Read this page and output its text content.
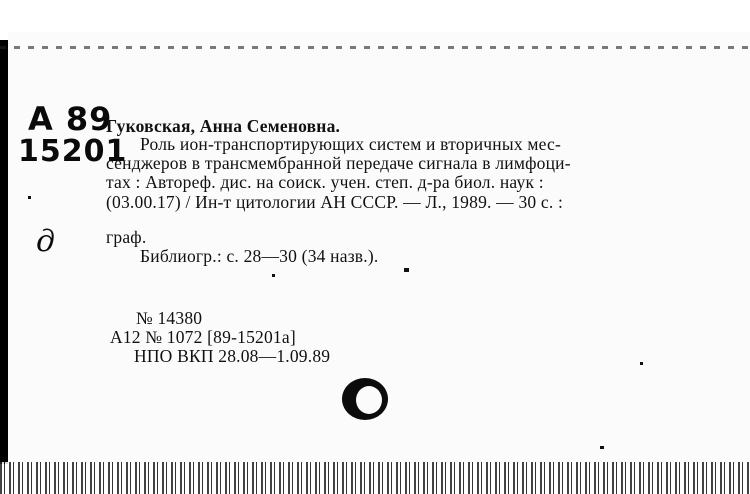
A 89
15201
д
Гуковская, Анна Семеновна.
Роль ион-транспортирующих систем и вторичных мес-
сенджеров в трансмембранной передаче сигнала в лимфоци-
тах : Автореф. дис. на соиск. учен. степ. д-ра биол. наук :
(03.00.17) / Ин-т цитологии АН СССР. — Л., 1989. — 30 с. :
граф.
Библиогр.: с. 28—30 (34 назв.).
№ 14380
А12 № 1072 [89-15201а]
НПО ВКП 28.08—1.09.89
